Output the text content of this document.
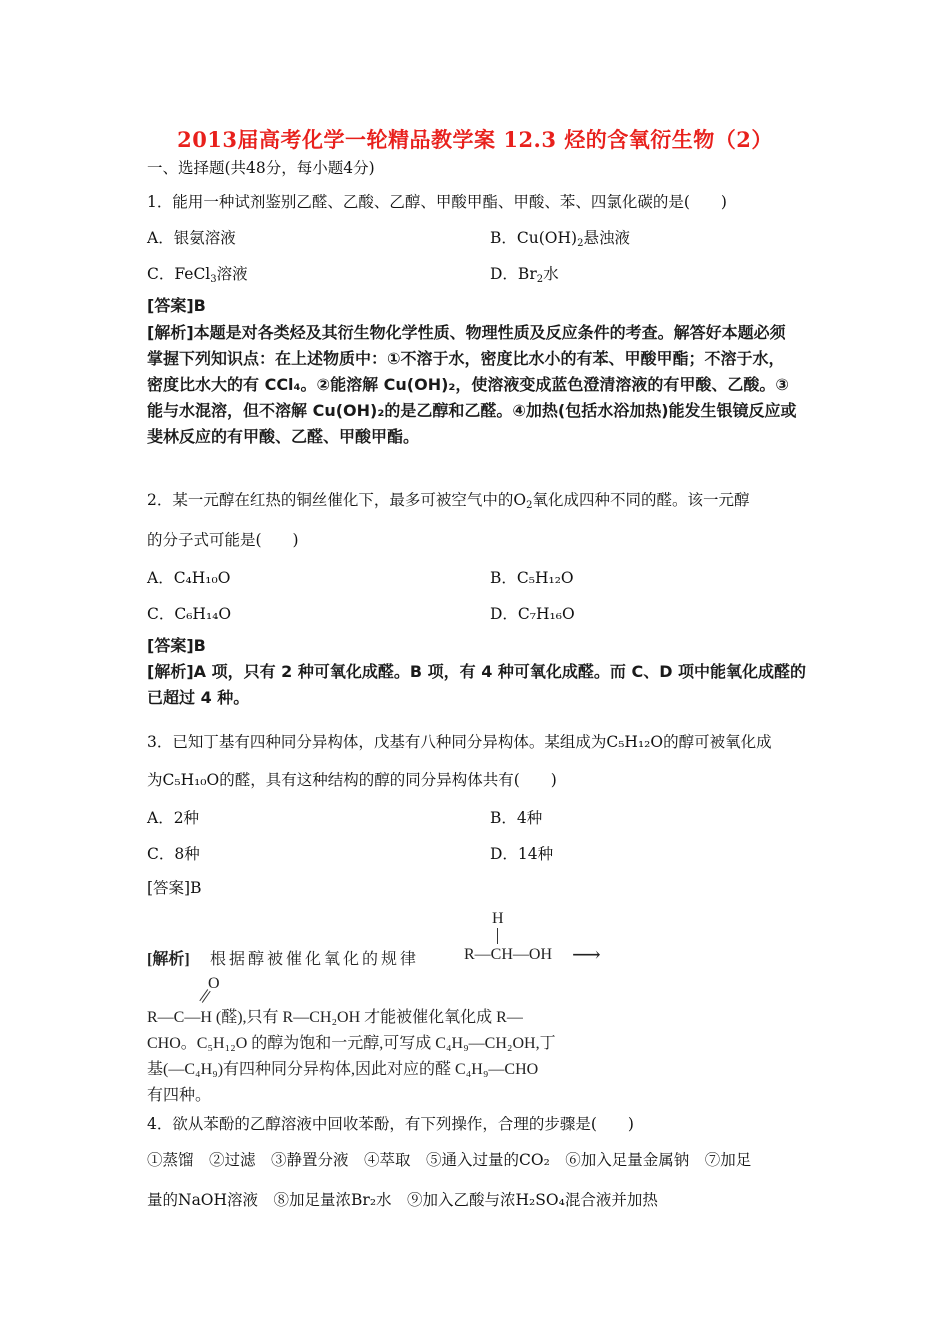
2013届高考化学一轮精品教学案 12.3 烃的含氧衍生物（2）
一、选择题(共48分，每小题4分)
1．能用一种试剂鉴别乙醛、乙酸、乙醇、甲酸甲酯、甲酸、苯、四氯化碳的是(　　)
A．银氨溶液	B．$Cu(OH)_2$悬浊液
C．FeCl$_3$溶液	D．$Br_2$水
[答案]B
[解析]本题是对各类烃及其衍生物化学性质、物理性质及反应条件的考查。解答好本题必须
掌握下列知识点：在上述物质中：①不溶于水，密度比水小的有苯、甲酸甲酯；不溶于水，
密度比水大的有 CCl₄。②能溶解 Cu(OH)₂，使溶液变成蓝色澄清溶液的有甲酸、乙酸。③
能与水混溶，但不溶解 Cu(OH)₂的是乙醇和乙醛。④加热(包括水浴加热)能发生银镜反应或
斐林反应的有甲酸、乙醛、甲酸甲酯。
2．某一元醇在红热的铜丝催化下，最多可被空气中的$O_2$氧化成四种不同的醛。该一元醇
的分子式可能是(　　)
A．C₄H₁₀O	B．C₅H₁₂O
C．C₆H₁₄O	D．C₇H₁₆O
[答案]B
[解析]A 项，只有 2 种可氧化成醛。B 项，有 4 种可氧化成醛。而 C、D 项中能氧化成醛的
已超过 4 种。
3．已知丁基有四种同分异构体，戊基有八种同分异构体。某组成为C₅H₁₂O的醇可被氧化成
为C₅H₁₀O的醛，具有这种结构的醇的同分异构体共有(　　)
A．2种	B．4种
C．8种	D．14种
[答案]B
H
[解析] 根据醇被催化氧化的规律	R—CH—OH ⟶
O
R—C—H (醛),只有 R—CH₂OH 才能被催化氧化成 R—
CHO。C₅H₁₂O 的醇为饱和一元醇,可写成 C₄H₉—CH₂OH,丁
基(—C₄H₉)有四种同分异构体,因此对应的醛 C₄H₉—CHO
有四种。
4．欲从苯酚的乙醇溶液中回收苯酚，有下列操作，合理的步骤是(　　)
①蒸馏　②过滤　③静置分液　④萃取　⑤通入过量的CO₂　⑥加入足量金属钠　⑦加足
量的NaOH溶液　⑧加足量浓Br₂水　⑨加入乙酸与浓H₂SO₄混合液并加热
